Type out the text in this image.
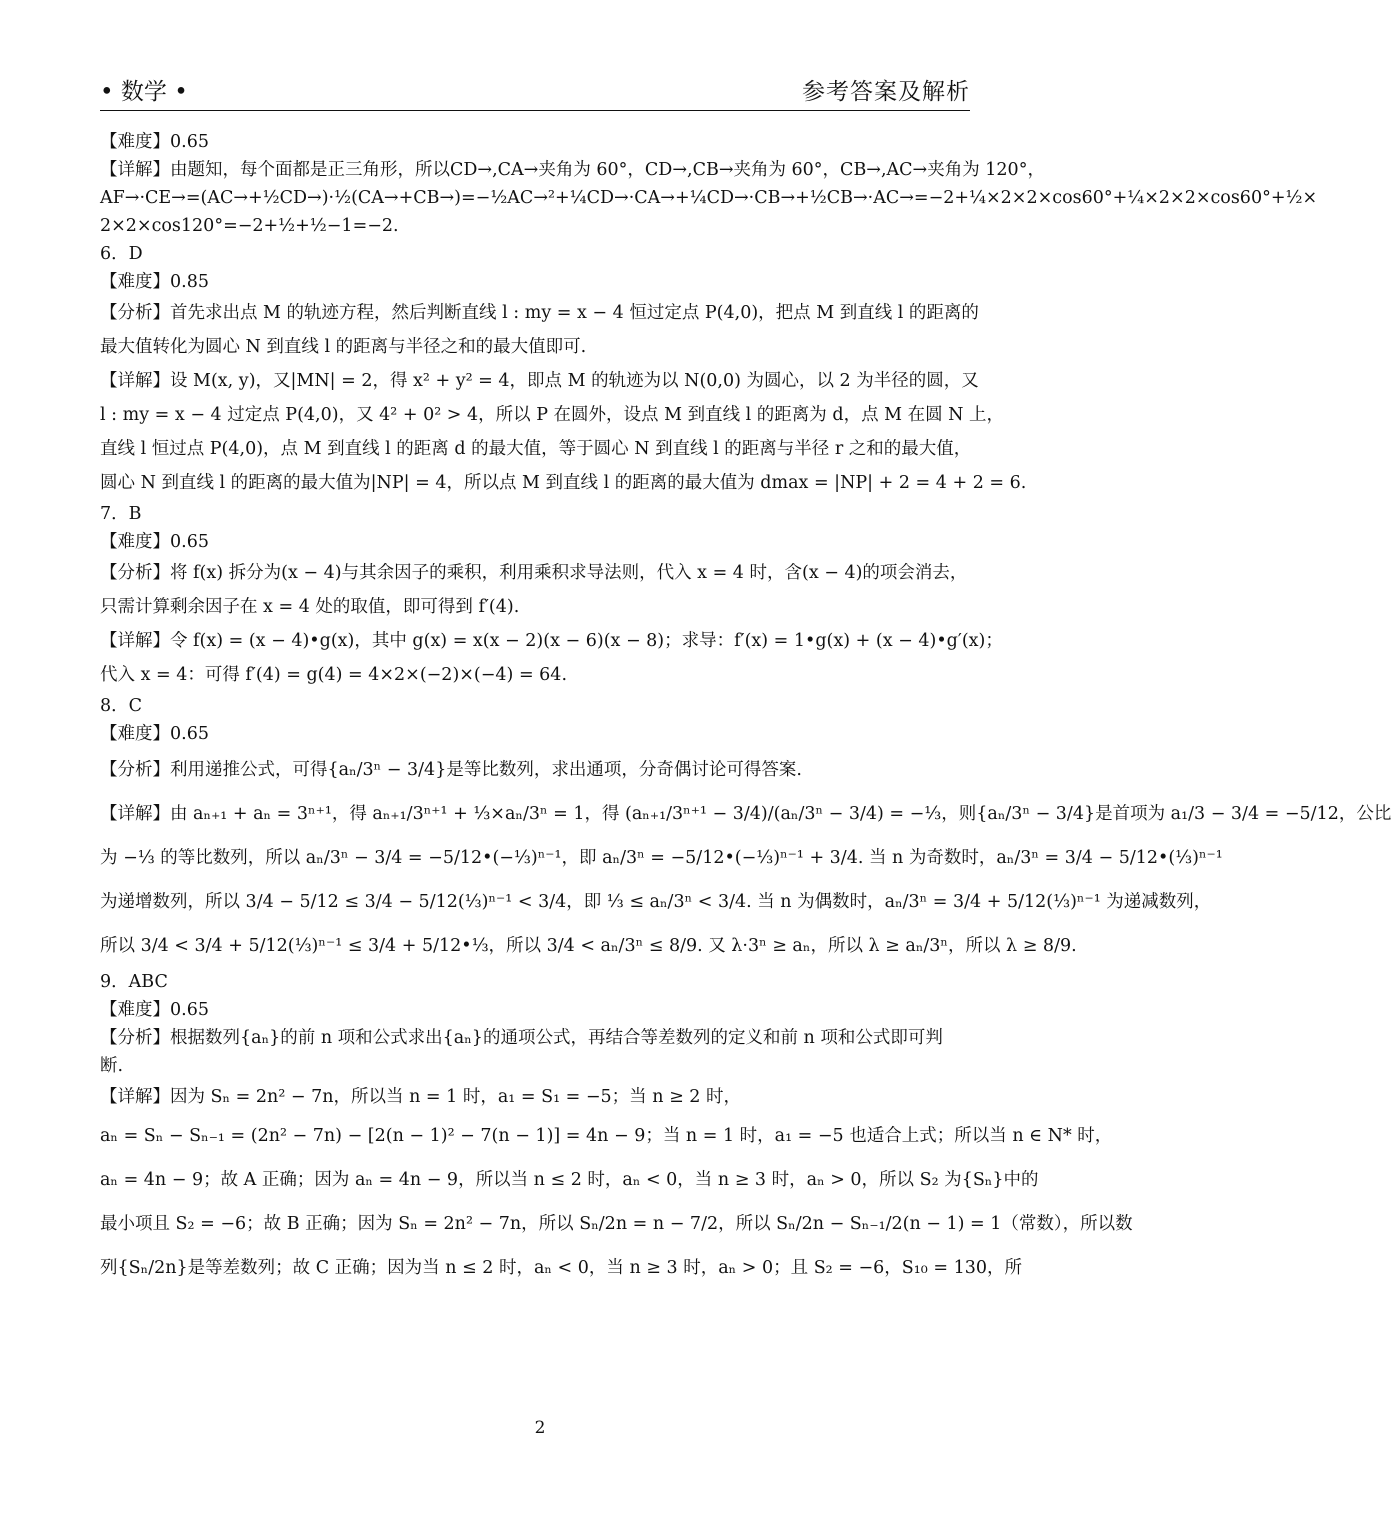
• 数学 •	参考答案及解析
【难度】0.65
【详解】由题知，每个面都是正三角形，所以CD→,CA→夹角为 60°，CD→,CB→夹角为 60°，CB→,AC→夹角为 120°，
AF→·CE→=(AC→+½CD→)·½(CA→+CB→)=−½AC→²+¼CD→·CA→+¼CD→·CB→+½CB→·AC→=−2+¼×2×2×cos60°+¼×2×2×cos60°+½×
2×2×cos120°=−2+½+½−1=−2.
6．D
【难度】0.85
【分析】首先求出点 M 的轨迹方程，然后判断直线 l : my = x − 4 恒过定点 P(4,0)，把点 M 到直线 l 的距离的
最大值转化为圆心 N 到直线 l 的距离与半径之和的最大值即可.
【详解】设 M(x, y)，又|MN| = 2，得 x² + y² = 4，即点 M 的轨迹为以 N(0,0) 为圆心，以 2 为半径的圆，又
l : my = x − 4 过定点 P(4,0)，又 4² + 0² > 4，所以 P 在圆外，设点 M 到直线 l 的距离为 d，点 M 在圆 N 上，
直线 l 恒过点 P(4,0)，点 M 到直线 l 的距离 d 的最大值，等于圆心 N 到直线 l 的距离与半径 r 之和的最大值，
圆心 N 到直线 l 的距离的最大值为|NP| = 4，所以点 M 到直线 l 的距离的最大值为 dmax = |NP| + 2 = 4 + 2 = 6.
7．B
【难度】0.65
【分析】将 f(x) 拆分为(x − 4)与其余因子的乘积，利用乘积求导法则，代入 x = 4 时，含(x − 4)的项会消去，
只需计算剩余因子在 x = 4 处的取值，即可得到 f′(4).
【详解】令 f(x) = (x − 4)•g(x)，其中 g(x) = x(x − 2)(x − 6)(x − 8)；求导：f′(x) = 1•g(x) + (x − 4)•g′(x)；
代入 x = 4：可得 f′(4) = g(4) = 4×2×(−2)×(−4) = 64.
8．C
【难度】0.65
【分析】利用递推公式，可得{aₙ/3ⁿ − 3/4}是等比数列，求出通项，分奇偶讨论可得答案.
【详解】由 aₙ₊₁ + aₙ = 3ⁿ⁺¹，得 aₙ₊₁/3ⁿ⁺¹ + ⅓×aₙ/3ⁿ = 1，得 (aₙ₊₁/3ⁿ⁺¹ − 3/4)/(aₙ/3ⁿ − 3/4) = −⅓，则{aₙ/3ⁿ − 3/4}是首项为 a₁/3 − 3/4 = −5/12，公比
为 −⅓ 的等比数列，所以 aₙ/3ⁿ − 3/4 = −5/12•(−⅓)ⁿ⁻¹，即 aₙ/3ⁿ = −5/12•(−⅓)ⁿ⁻¹ + 3/4. 当 n 为奇数时，aₙ/3ⁿ = 3/4 − 5/12•(⅓)ⁿ⁻¹
为递增数列，所以 3/4 − 5/12 ≤ 3/4 − 5/12(⅓)ⁿ⁻¹ < 3/4，即 ⅓ ≤ aₙ/3ⁿ < 3/4. 当 n 为偶数时，aₙ/3ⁿ = 3/4 + 5/12(⅓)ⁿ⁻¹ 为递减数列，
所以 3/4 < 3/4 + 5/12(⅓)ⁿ⁻¹ ≤ 3/4 + 5/12•⅓，所以 3/4 < aₙ/3ⁿ ≤ 8/9. 又 λ·3ⁿ ≥ aₙ，所以 λ ≥ aₙ/3ⁿ，所以 λ ≥ 8/9.
9．ABC
【难度】0.65
【分析】根据数列{aₙ}的前 n 项和公式求出{aₙ}的通项公式，再结合等差数列的定义和前 n 项和公式即可判
断.
【详解】因为 Sₙ = 2n² − 7n，所以当 n = 1 时，a₁ = S₁ = −5；当 n ≥ 2 时，
aₙ = Sₙ − Sₙ₋₁ = (2n² − 7n) − [2(n − 1)² − 7(n − 1)] = 4n − 9；当 n = 1 时，a₁ = −5 也适合上式；所以当 n ∈ N* 时，
aₙ = 4n − 9；故 A 正确；因为 aₙ = 4n − 9，所以当 n ≤ 2 时，aₙ < 0，当 n ≥ 3 时，aₙ > 0，所以 S₂ 为{Sₙ}中的
最小项且 S₂ = −6；故 B 正确；因为 Sₙ = 2n² − 7n，所以 Sₙ/2n = n − 7/2，所以 Sₙ/2n − Sₙ₋₁/2(n − 1) = 1（常数），所以数
列{Sₙ/2n}是等差数列；故 C 正确；因为当 n ≤ 2 时，aₙ < 0，当 n ≥ 3 时，aₙ > 0；且 S₂ = −6，S₁₀ = 130，所
2
